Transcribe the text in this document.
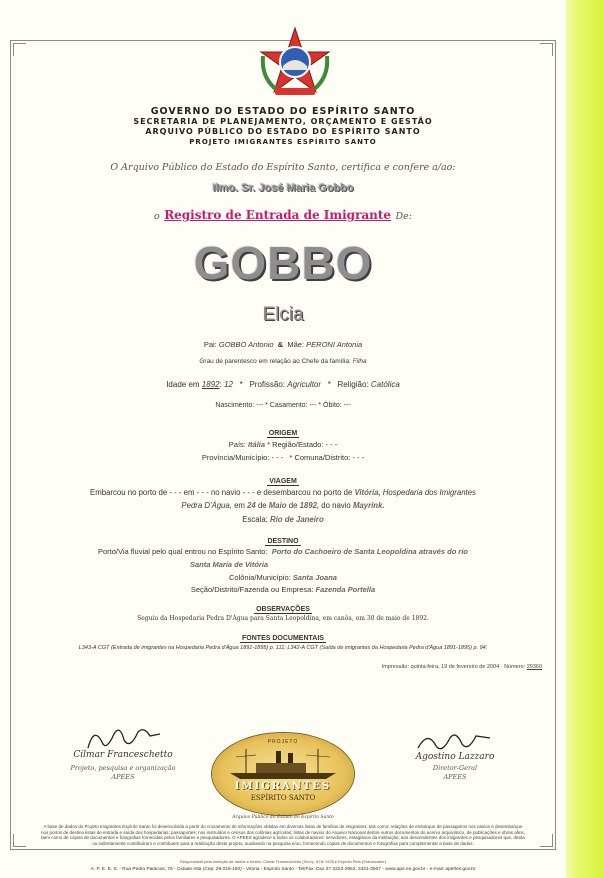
GOVERNO DO ESTADO DO ESPÍRITO SANTO
SECRETARIA DE PLANEJAMENTO, ORÇAMENTO E GESTÃO
ARQUIVO PÚBLICO DO ESTADO DO ESPÍRITO SANTO
PROJETO IMIGRANTES ESPÍRITO SANTO
O Arquivo Público do Estado do Espírito Santo, certifica e confere a/ao:
Ilmo. Sr. José Maria Gobbo
o Registro de Entrada de Imigrante De:
GOBBO
Elcia
Pai: GOBBO Antonio & Mãe: PERONI Antonia
Grau de parentesco em relação ao Chefe da família: Filha
Idade em 1892: 12 * Profissão: Agricultor * Religião: Católica
Nascimento: --- * Casamento: --- * Óbito: ---
ORIGEM
País: Itália * Região/Estado: - - -
Província/Município: - - - * Comuna/Distrito: - - -
VIAGEM
Embarcou no porto de - - - em - - - no navio - - - e desembarcou no porto de Vitória, Hospedaria dos Imigrantes
Pedra D'Água, em 24 de Maio de 1892, do navio Mayrink.
Escala: Rio de Janeiro
DESTINO
Porto/Via fluvial pelo qual entrou no Espírito Santo: Porto do Cachoeiro de Santa Leopoldina através do rio
Santa Maria de Vitória
Colônia/Município: Santa Joana
Seção/Distrito/Fazenda ou Empresa: Fazenda Portella
OBSERVAÇÕES
Seguiu da Hospedaria Pedra D'Água para Santa Leopoldina, em canôa, em 30 de maio de 1892.
FONTES DOCUMENTAIS
L343-A CGT (Entrada de imigrantes na Hospedaria Pedra d'Água 1891-1895) p. 111; L342-A CGT (Saída de imigrantes da Hospedaria Pedra d'Água 1891-1895) p. 94;
Impressão: quinta-feira, 19 de fevereiro de 2004 · Número: 29360
Cilmar Franceschetto
Projeto, pesquisa e organização
APEES
Agostino Lazzaro
Diretor-Geral
APEES
PROJETO
IMIGRANTES
ESPÍRITO SANTO
Arquivo Público do Estado do Espírito Santo
A base de dados do Projeto Imigrantes Espírito Santo foi desenvolvida a partir do cruzamento de informações obtidas em diversas listas de famílias de imigrantes; tais como: relações de embarque de passageiros nos navios e desembarque nos portos de destino listas de entrada e saída dos hospedarias; passaportes; nos instruídos e censos dos colônias agrícolas; listas de navios do Arquivo Nacional dentre outros documentos do acervo arquivístico, de publicações e obras afins, bem como de cópias de documentos e fotografias fornecidas pelos familiares e pesquisadores. O APEES agradece a todos os colaboradores: servidores, estagiários da instituição; aos descendentes dos imigrantes e pesquisadores que, direta ou indiretamente contribuíram e contribuem para a realização deste projeto, auxiliando na pesquisa e/ou, fornecendo cópias de documentos e fotografias para complementar a base de dados.
Responsável pela inserção de dados e fontes: Cilmar Franceschetto (Servç. 578/ 1925 e Espírito Reis (Estrazzador)
A. P. E. E. S. - Rua Pedro Palácios, 76 - Cidade Alta (Cep: 29.015-160) - Vitória - Espírito Santo - Tel/Fax: Dxx 27 3223-2952, 3321-3507 - www.ape.es.gov.br - e-mail: apeffes.gov.br
